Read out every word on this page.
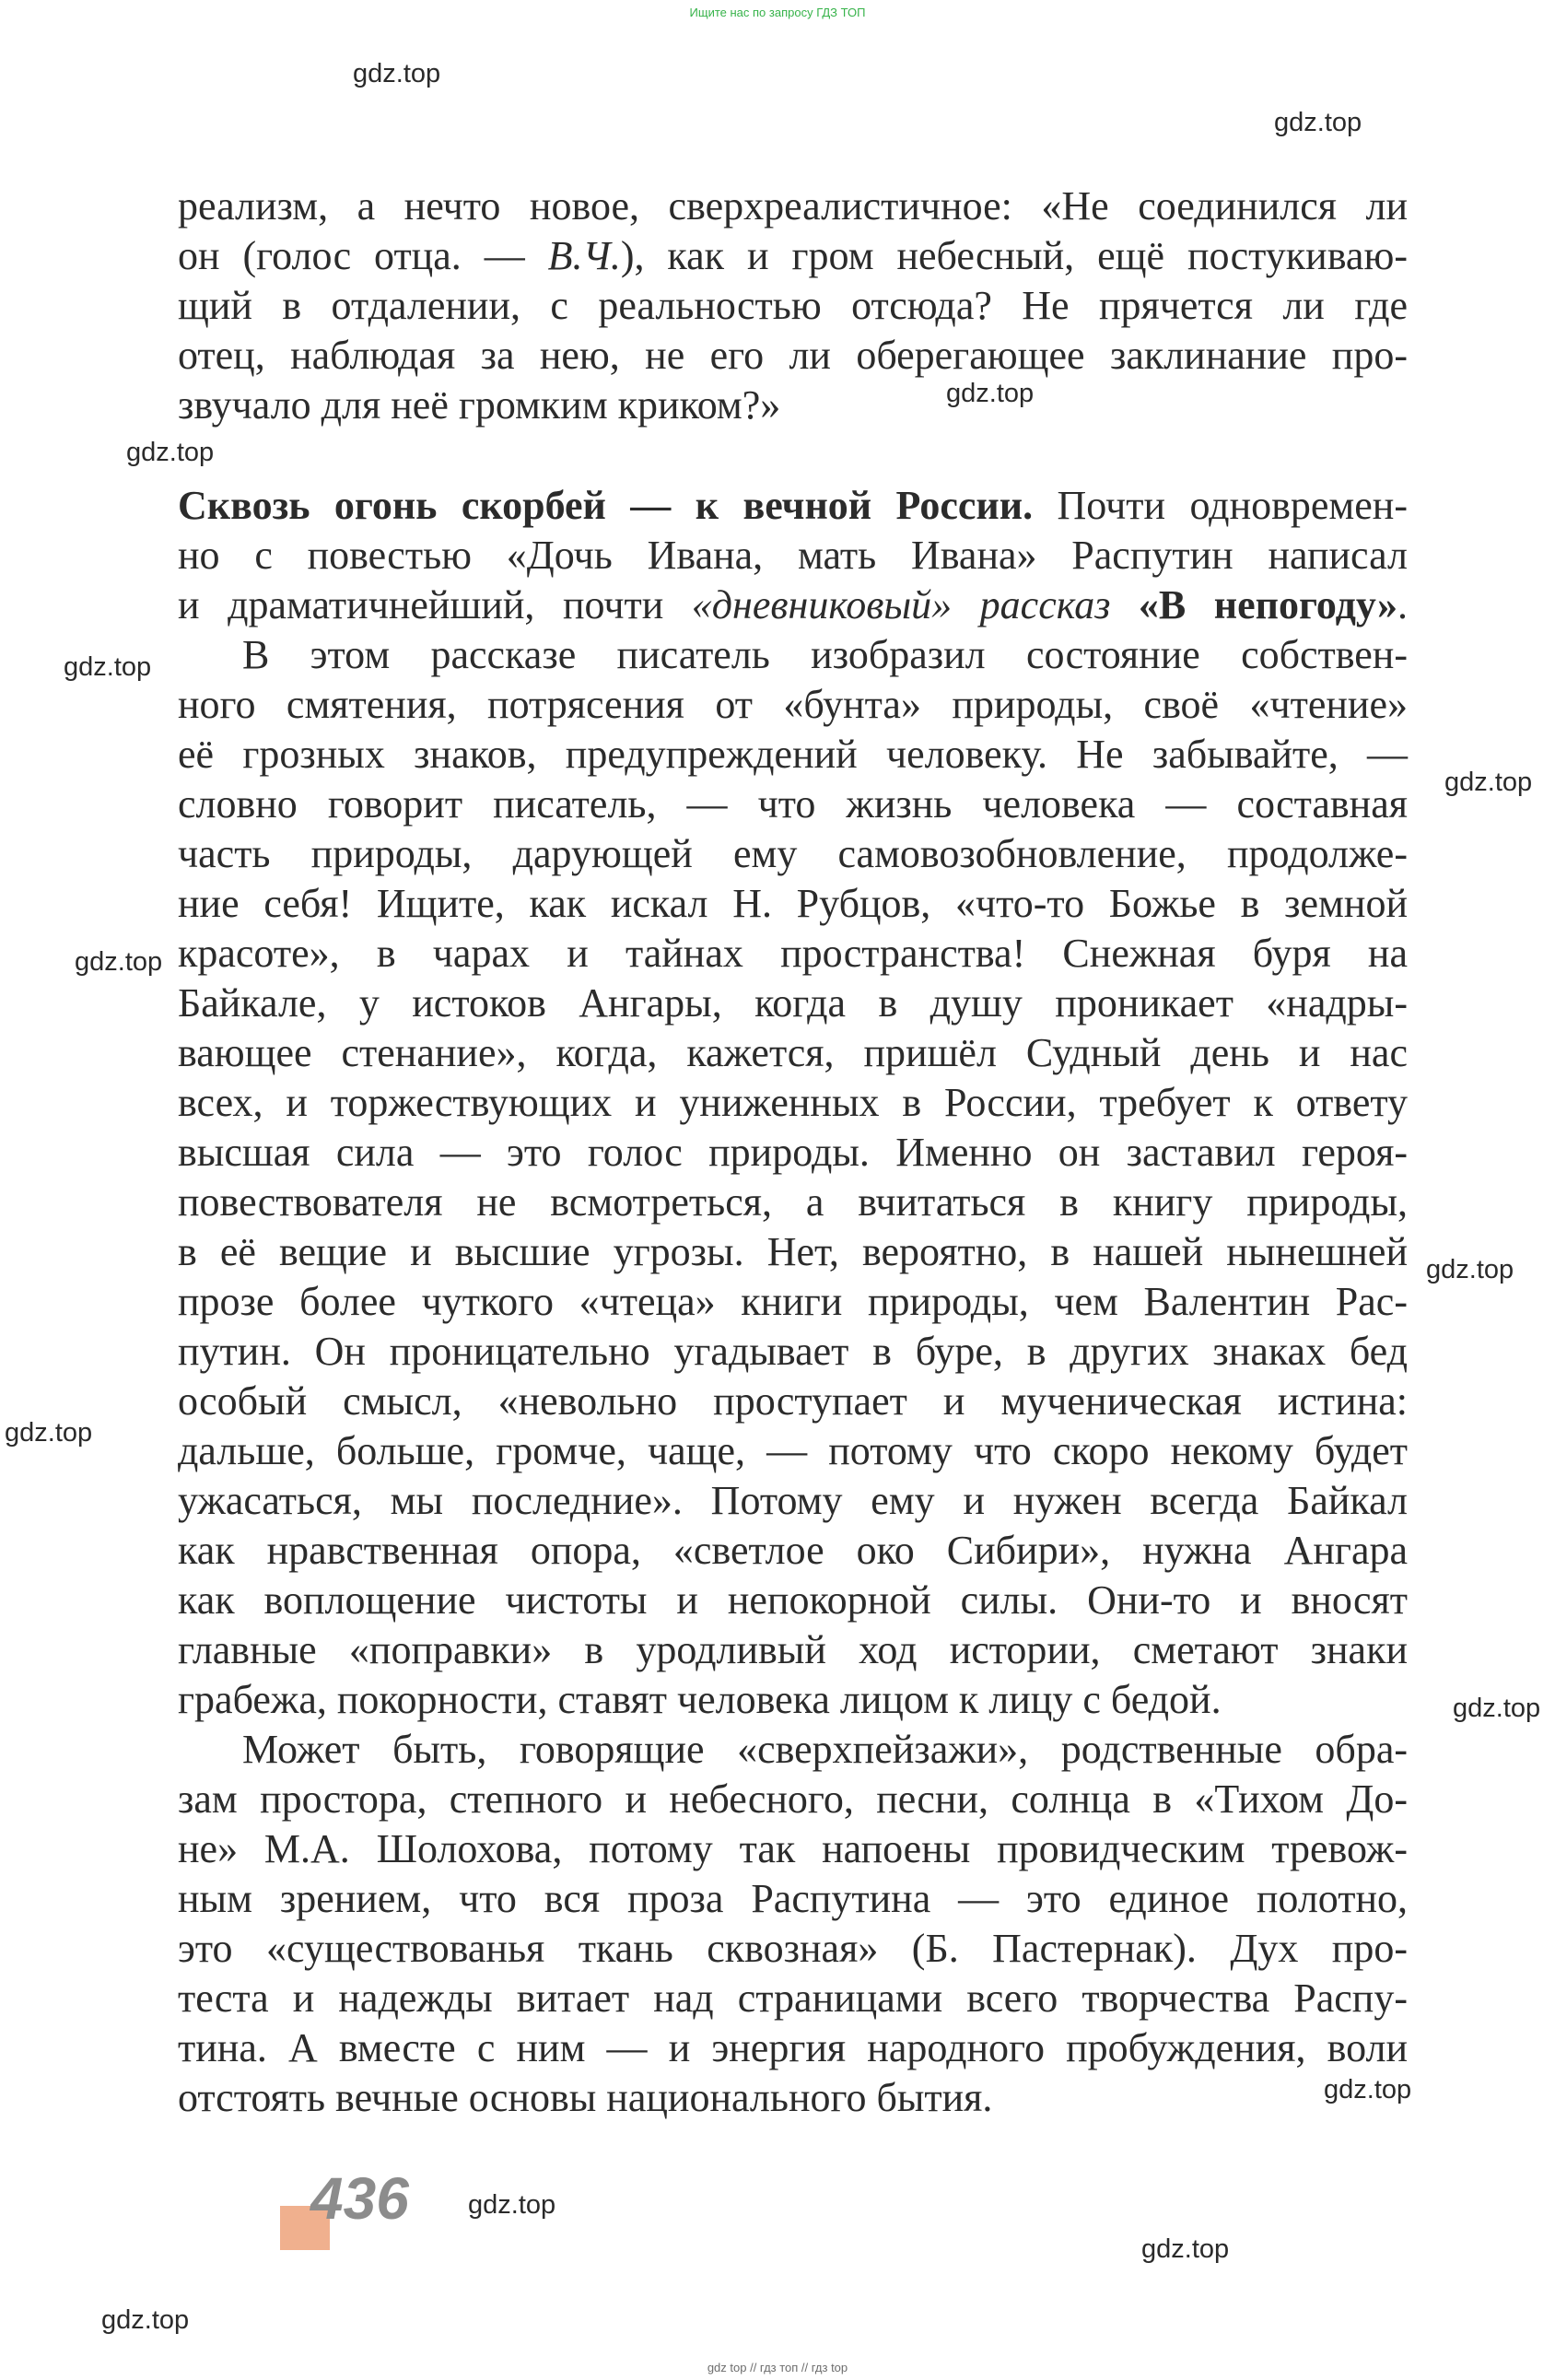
Ищите нас по запросу ГДЗ ТОП
gdz.top
gdz.top
gdz.top
gdz.top
gdz.top
gdz.top
gdz.top
gdz.top
gdz.top
gdz.top
gdz.top
gdz.top
gdz.top
gdz.top
реализм, а нечто новое, сверхреалистичное: «Не соединился ли
он (голос отца. — В.Ч.), как и гром небесный, ещё постукиваю-
щий в отдалении, с реальностью отсюда? Не прячется ли где
отец, наблюдая за нею, не его ли оберегающее заклинание про-
звучало для неё громким криком?»
Сквозь огонь скорбей — к вечной России. Почти одновремен-
но с повестью «Дочь Ивана, мать Ивана» Распутин написал
и драматичнейший, почти «дневниковый» рассказ «В непогоду».
В этом рассказе писатель изобразил состояние собствен-
ного смятения, потрясения от «бунта» природы, своё «чтение»
её грозных знаков, предупреждений человеку. Не забывайте, —
словно говорит писатель, — что жизнь человека — составная
часть природы, дарующей ему самовозобновление, продолже-
ние себя! Ищите, как искал Н. Рубцов, «что-то Божье в земной
красоте», в чарах и тайнах пространства! Снежная буря на
Байкале, у истоков Ангары, когда в душу проникает «надры-
вающее стенание», когда, кажется, пришёл Судный день и нас
всех, и торжествующих и униженных в России, требует к ответу
высшая сила — это голос природы. Именно он заставил героя-
повествователя не всмотреться, а вчитаться в книгу природы,
в её вещие и высшие угрозы. Нет, вероятно, в нашей нынешней
прозе более чуткого «чтеца» книги природы, чем Валентин Рас-
путин. Он проницательно угадывает в буре, в других знаках бед
особый смысл, «невольно проступает и мученическая истина:
дальше, больше, громче, чаще, — потому что скоро некому будет
ужасаться, мы последние». Потому ему и нужен всегда Байкал
как нравственная опора, «светлое око Сибири», нужна Ангара
как воплощение чистоты и непокорной силы. Они-то и вносят
главные «поправки» в уродливый ход истории, сметают знаки
грабежа, покорности, ставят человека лицом к лицу с бедой.
Может быть, говорящие «сверхпейзажи», родственные обра-
зам простора, степного и небесного, песни, солнца в «Тихом До-
не» М.А. Шолохова, потому так напоены провидческим тревож-
ным зрением, что вся проза Распутина — это единое полотно,
это «существованья ткань сквозная» (Б. Пастернак). Дух про-
теста и надежды витает над страницами всего творчества Распу-
тина. А вместе с ним — и энергия народного пробуждения, воли
отстоять вечные основы национального бытия.
436
gdz top // гдз топ // гдз top
